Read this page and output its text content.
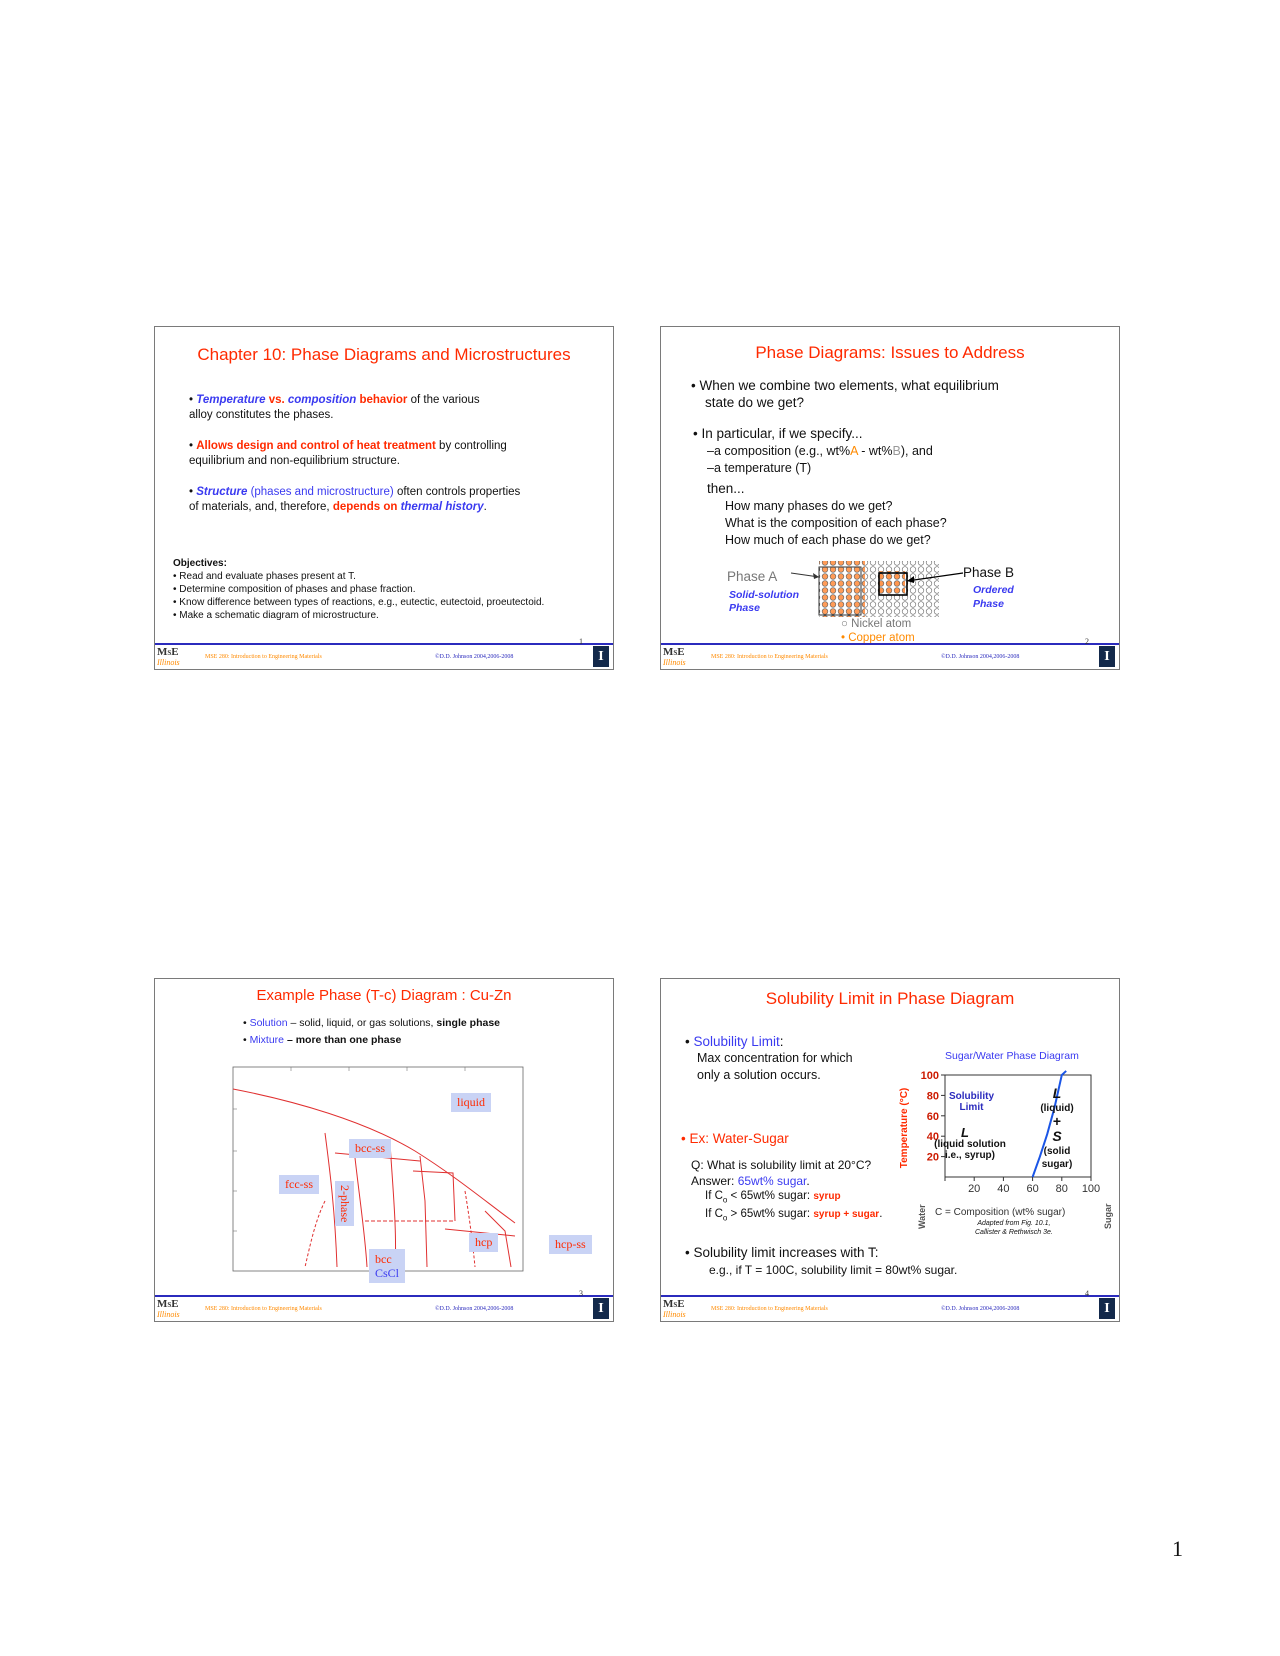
Chapter 10: Phase Diagrams and Microstructures
• Temperature vs. composition behavior of the various
alloy constitutes the phases.
• Allows design and control of heat treatment by controlling
equilibrium and non-equilibrium structure.
• Structure (phases and microstructure) often controls properties
of materials, and, therefore, depends on thermal history.
Objectives:
• Read and evaluate phases present at T.
• Determine composition of phases and phase fraction.
• Know difference between types of reactions, e.g., eutectic, eutectoid, proeutectoid.
• Make a schematic diagram of microstructure.
MSE
Illinois
MSE 280: Introduction to Engineering Materials	©D.D. Johnson 2004,2006-2008
1
I
Phase Diagrams: Issues to Address
• When we combine two elements, what equilibrium
state do we get?
• In particular, if we specify...
–a composition (e.g., wt%A - wt%B), and
–a temperature (T)
then...
How many phases do we get?
What is the composition of each phase?
How much of each phase do we get?
Phase A
Solid-solution
Phase
Phase B
Ordered
Phase
○ Nickel atom
• Copper atom
MSE
Illinois
MSE 280: Introduction to Engineering Materials	©D.D. Johnson 2004,2006-2008
2
I
Example Phase (T-c) Diagram : Cu-Zn
• Solution – solid, liquid, or gas solutions, single phase
• Mixture – more than one phase
liquid
bcc-ss
fcc-ss
2-phase
hcp	hcp-ss
bcc
CsCl
MSE
Illinois
MSE 280: Introduction to Engineering Materials	©D.D. Johnson 2004,2006-2008
3
I
Solubility Limit in Phase Diagram
• Solubility Limit:
Max concentration for which
only a solution occurs.
• Ex: Water-Sugar
Q: What is solubility limit at 20°C?
Answer: 65wt% sugar.
If $C_o < 65wt\%$ sugar: syrup
If $C_o > 65wt\%$ sugar: syrup + sugar.
• Solubility limit increases with T:
e.g., if T = 100C, solubility limit = 80wt% sugar.
Sugar/Water Phase Diagram
Temperature (°C) 20
40
60
80
100
20 40 60 80 100
Solubility
Limit
L
(liquid solution
i.e., syrup)
L
(liquid)
+
S
(solid
sugar)
C = Composition (wt% sugar)
Water	Sugar
Adapted from Fig. 10.1,
Callister & Rethwisch 3e.
MSE
Illinois
MSE 280: Introduction to Engineering Materials	©D.D. Johnson 2004,2006-2008
4
I
1
